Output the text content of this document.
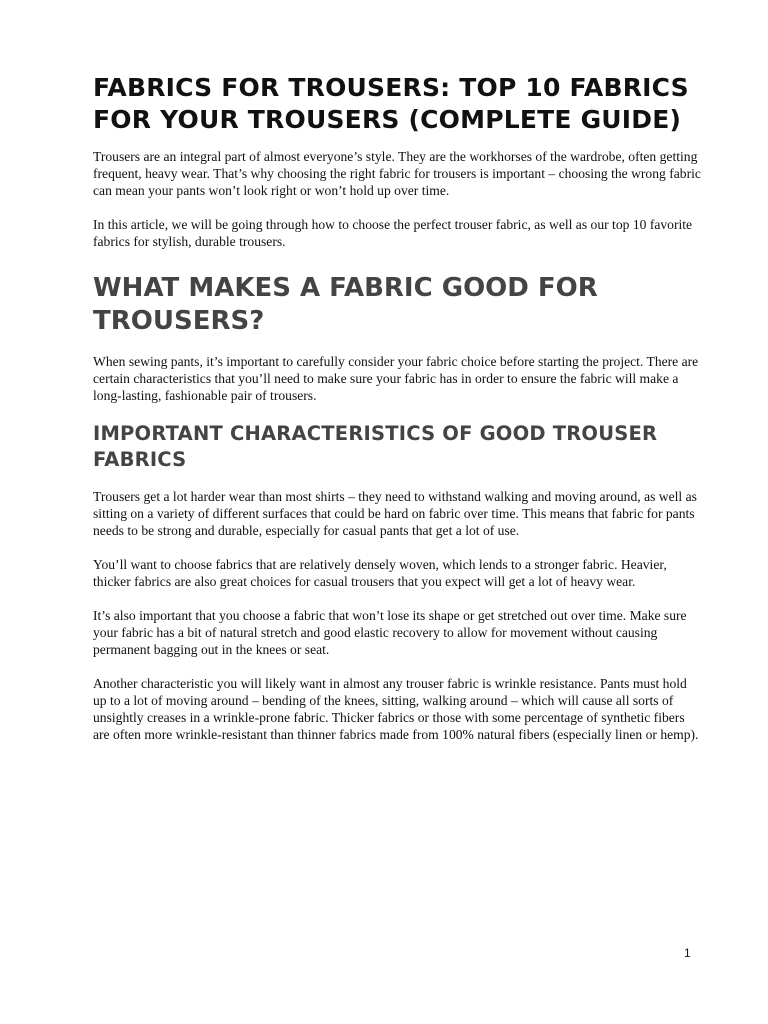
FABRICS FOR TROUSERS: TOP 10 FABRICS FOR YOUR TROUSERS (COMPLETE GUIDE)

Trousers are an integral part of almost everyone’s style. They are the workhorses of the wardrobe, often getting frequent, heavy wear. That’s why choosing the right fabric for trousers is important – choosing the wrong fabric can mean your pants won’t look right or won’t hold up over time.

In this article, we will be going through how to choose the perfect trouser fabric, as well as our top 10 favorite fabrics for stylish, durable trousers.

WHAT MAKES A FABRIC GOOD FOR TROUSERS?

When sewing pants, it’s important to carefully consider your fabric choice before starting the project. There are certain characteristics that you’ll need to make sure your fabric has in order to ensure the fabric will make a long-lasting, fashionable pair of trousers.

IMPORTANT CHARACTERISTICS OF GOOD TROUSER FABRICS

Trousers get a lot harder wear than most shirts – they need to withstand walking and moving around, as well as sitting on a variety of different surfaces that could be hard on fabric over time. This means that fabric for pants needs to be strong and durable, especially for casual pants that get a lot of use.

You’ll want to choose fabrics that are relatively densely woven, which lends to a stronger fabric. Heavier, thicker fabrics are also great choices for casual trousers that you expect will get a lot of heavy wear.

It’s also important that you choose a fabric that won’t lose its shape or get stretched out over time. Make sure your fabric has a bit of natural stretch and good elastic recovery to allow for movement without causing permanent bagging out in the knees or seat.

Another characteristic you will likely want in almost any trouser fabric is wrinkle resistance. Pants must hold up to a lot of moving around – bending of the knees, sitting, walking around – which will cause all sorts of unsightly creases in a wrinkle-prone fabric. Thicker fabrics or those with some percentage of synthetic fibers are often more wrinkle-resistant than thinner fabrics made from 100% natural fibers (especially linen or hemp).

1
